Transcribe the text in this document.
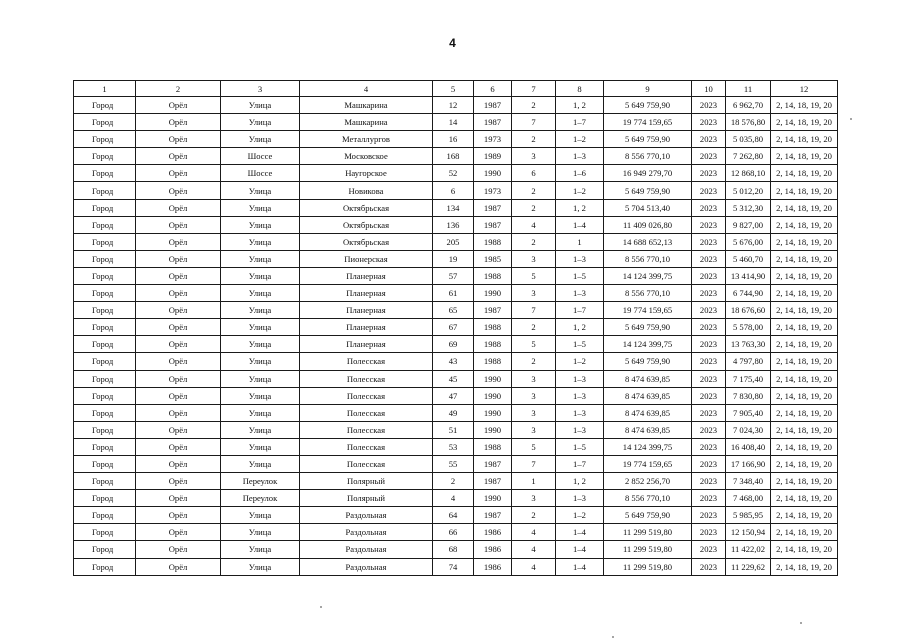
4
1	2	3	4	5	6	7	8	9	10	11	12
Город	Орёл	Улица	Машкарина	12	1987	2	1, 2	5 649 759,90	2023	6 962,70	2, 14, 18, 19, 20
Город	Орёл	Улица	Машкарина	14	1987	7	1–7	19 774 159,65	2023	18 576,80	2, 14, 18, 19, 20
Город	Орёл	Улица	Металлургов	16	1973	2	1–2	5 649 759,90	2023	5 035,80	2, 14, 18, 19, 20
Город	Орёл	Шоссе	Московское	168	1989	3	1–3	8 556 770,10	2023	7 262,80	2, 14, 18, 19, 20
Город	Орёл	Шоссе	Наугорское	52	1990	6	1–6	16 949 279,70	2023	12 868,10	2, 14, 18, 19, 20
Город	Орёл	Улица	Новикова	6	1973	2	1–2	5 649 759,90	2023	5 012,20	2, 14, 18, 19, 20
Город	Орёл	Улица	Октябрьская	134	1987	2	1, 2	5 704 513,40	2023	5 312,30	2, 14, 18, 19, 20
Город	Орёл	Улица	Октябрьская	136	1987	4	1–4	11 409 026,80	2023	9 827,00	2, 14, 18, 19, 20
Город	Орёл	Улица	Октябрьская	205	1988	2	1	14 688 652,13	2023	5 676,00	2, 14, 18, 19, 20
Город	Орёл	Улица	Пионерская	19	1985	3	1–3	8 556 770,10	2023	5 460,70	2, 14, 18, 19, 20
Город	Орёл	Улица	Планерная	57	1988	5	1–5	14 124 399,75	2023	13 414,90	2, 14, 18, 19, 20
Город	Орёл	Улица	Планерная	61	1990	3	1–3	8 556 770,10	2023	6 744,90	2, 14, 18, 19, 20
Город	Орёл	Улица	Планерная	65	1987	7	1–7	19 774 159,65	2023	18 676,60	2, 14, 18, 19, 20
Город	Орёл	Улица	Планерная	67	1988	2	1, 2	5 649 759,90	2023	5 578,00	2, 14, 18, 19, 20
Город	Орёл	Улица	Планерная	69	1988	5	1–5	14 124 399,75	2023	13 763,30	2, 14, 18, 19, 20
Город	Орёл	Улица	Полесская	43	1988	2	1–2	5 649 759,90	2023	4 797,80	2, 14, 18, 19, 20
Город	Орёл	Улица	Полесская	45	1990	3	1–3	8 474 639,85	2023	7 175,40	2, 14, 18, 19, 20
Город	Орёл	Улица	Полесская	47	1990	3	1–3	8 474 639,85	2023	7 830,80	2, 14, 18, 19, 20
Город	Орёл	Улица	Полесская	49	1990	3	1–3	8 474 639,85	2023	7 905,40	2, 14, 18, 19, 20
Город	Орёл	Улица	Полесская	51	1990	3	1–3	8 474 639,85	2023	7 024,30	2, 14, 18, 19, 20
Город	Орёл	Улица	Полесская	53	1988	5	1–5	14 124 399,75	2023	16 408,40	2, 14, 18, 19, 20
Город	Орёл	Улица	Полесская	55	1987	7	1–7	19 774 159,65	2023	17 166,90	2, 14, 18, 19, 20
Город	Орёл	Переулок	Полярный	2	1987	1	1, 2	2 852 256,70	2023	7 348,40	2, 14, 18, 19, 20
Город	Орёл	Переулок	Полярный	4	1990	3	1–3	8 556 770,10	2023	7 468,00	2, 14, 18, 19, 20
Город	Орёл	Улица	Раздольная	64	1987	2	1–2	5 649 759,90	2023	5 985,95	2, 14, 18, 19, 20
Город	Орёл	Улица	Раздольная	66	1986	4	1–4	11 299 519,80	2023	12 150,94	2, 14, 18, 19, 20
Город	Орёл	Улица	Раздольная	68	1986	4	1–4	11 299 519,80	2023	11 422,02	2, 14, 18, 19, 20
Город	Орёл	Улица	Раздольная	74	1986	4	1–4	11 299 519,80	2023	11 229,62	2, 14, 18, 19, 20
